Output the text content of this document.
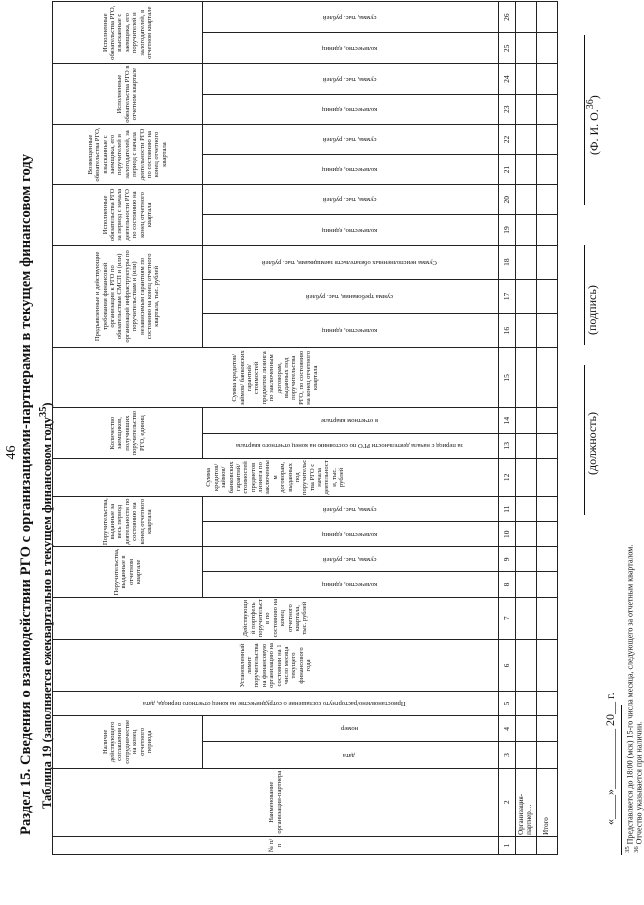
46 Раздел 15. Сведения о взаимодействии РГО с организациями-партнерами в текущем финансовом году Таблица 19 (заполняется ежеквартально в текущем финансовом году$^{35}$)
№ п/п	Наименование организации-партнера	Наличие действующего соглашения о сотрудничестве на конец отчетного периода		Приостановлено/расторгнуто соглашение о сотрудничестве на конец отчетного периода, дата	Установленный лимит поручительства на финансовую организацию на состоянии на 1 число месяца текущего финансового года	Действующий портфель поручительств по состоянию на конец отчетного квартала, тыс. рублей	Поручительства, выданные в отчетном квартале		Поручительства, выданные за весь период деятельности по состоянию на конец отчетного квартала		Сумма кредитов/ займов/ банковских гарантий/ стоимостей предметов лизинга по заключенным договорам, выданных под поручительства РГО с начала деятельности, тыс. рублей	Количество заемщиков, получивших поручительство РГО, единиц		Сумма кредитов/ займов/ банковских гарантий/ стоимостей предметов лизинга по заключенным договорам, выданных под поручительства РГО, по состоянию на конец отчетного квартала	Предъявленные и действующие требования финансовой организации к РГО по обязательствам СМСП и (или) организаций инфраструктуры по поручительствам и (или) независимым гарантиям по состоянию на конец отчетного квартала, тыс. рублей			Исполненные обязательства РГО за период с начала деятельности РГО по состоянию на конец отчетного квартала		Возмещенные обязательства РГО, взысканные с заемщика, его поручителей и залогодателей, за период с начала деятельности РГО по состоянию на конец отчетного квартала		Исполненные обязательства РГО в отчетном квартале		Исполненные обязательства РГО, взысканные с заемщика, его поручителей и залогодателей, в отчетном квартале	
		дата	номер				количество, единиц	сумма, тыс. рублей	количество, единиц	сумма, тыс. рублей		за период с начала деятельности РГО по состоянию на конец отчетного квартала	в отчетном квартале		количество, единиц	сумма требования, тыс. рублей	Сумма неисполненных обязательств заемщиками, тыс. рублей	количество, единиц	сумма, тыс. рублей	количество, единиц	сумма, тыс. рублей	количество, единиц	сумма, тыс. рублей	количество, единиц	сумма, тыс. рублей

1	2	3	4	5	6	7	8	9	10	11	12	13	14	15	16	17	18	19	20	21	22	23	24	25	26
	Организация-партнер…																								
	Итого																								
(должность)
(подпись)
(Ф. И. О.$^{36}$)
«____»__________ 20__ г.
$^{35}$ Представляется до 18:00 (мск) 15-го числа месяца, следующего за отчетным кварталом.
$^{36}$ Отчество указывается при наличии.
